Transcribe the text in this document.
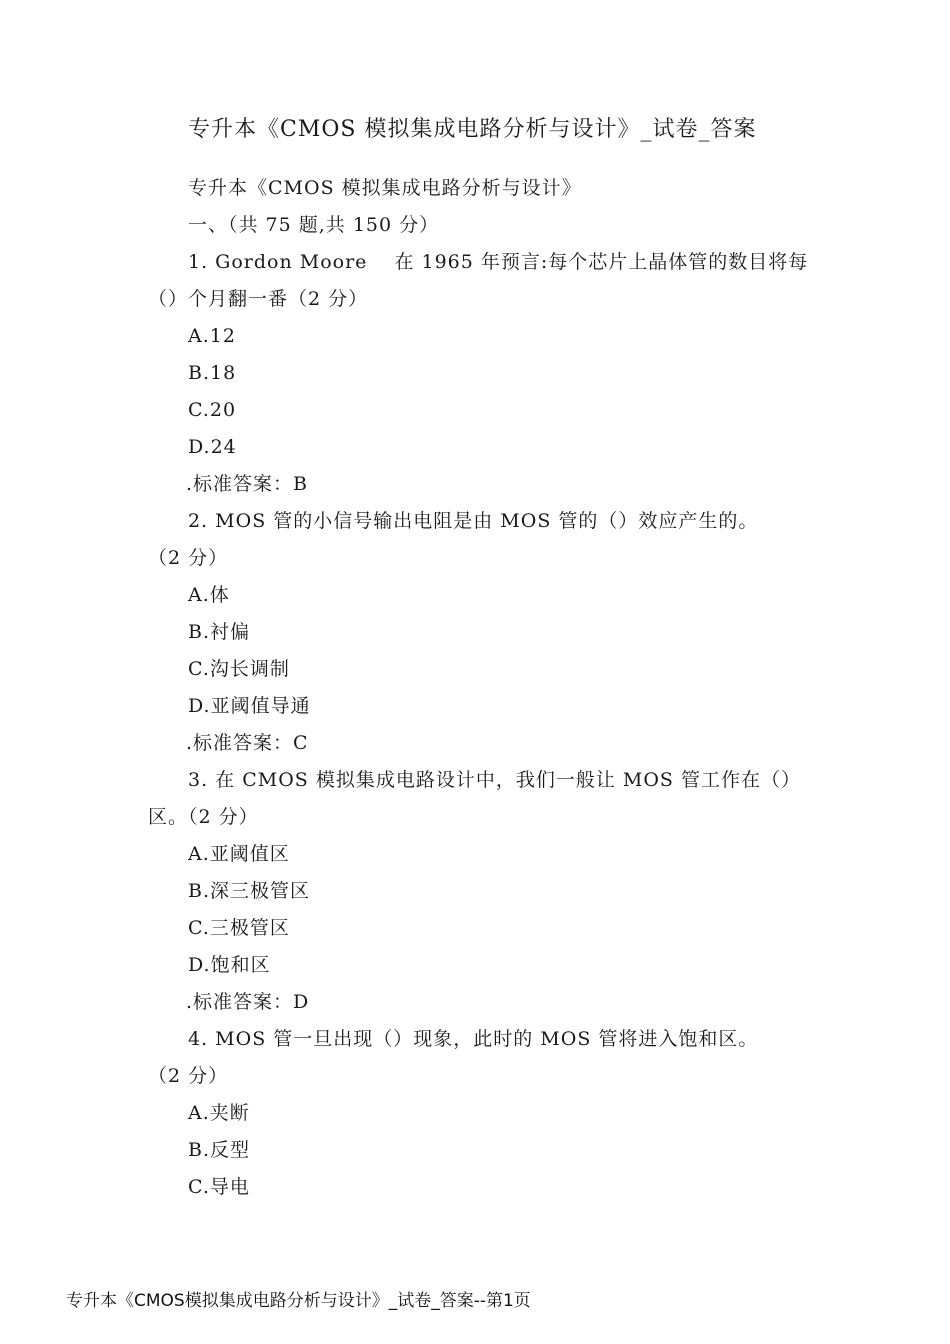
专升本《CMOS 模拟集成电路分析与设计》_试卷_答案
专升本《CMOS 模拟集成电路分析与设计》
一、（共 75 题,共 150 分）
1. Gordon Moore　 在 1965 年预言:每个芯片上晶体管的数目将每
（）个月翻一番（2 分）
A.12
B.18
C.20
D.24
.标准答案：B
2. MOS 管的小信号输出电阻是由 MOS 管的（）效应产生的。
（2 分）
A.体
B.衬偏
C.沟长调制
D.亚阈值导通
.标准答案：C
3. 在 CMOS 模拟集成电路设计中，我们一般让 MOS 管工作在（）
区。（2 分）
A.亚阈值区
B.深三极管区
C.三极管区
D.饱和区
.标准答案：D
4. MOS 管一旦出现（）现象，此时的 MOS 管将进入饱和区。
（2 分）
A.夹断
B.反型
C.导电
专升本《CMOS模拟集成电路分析与设计》_试卷_答案--第1页
